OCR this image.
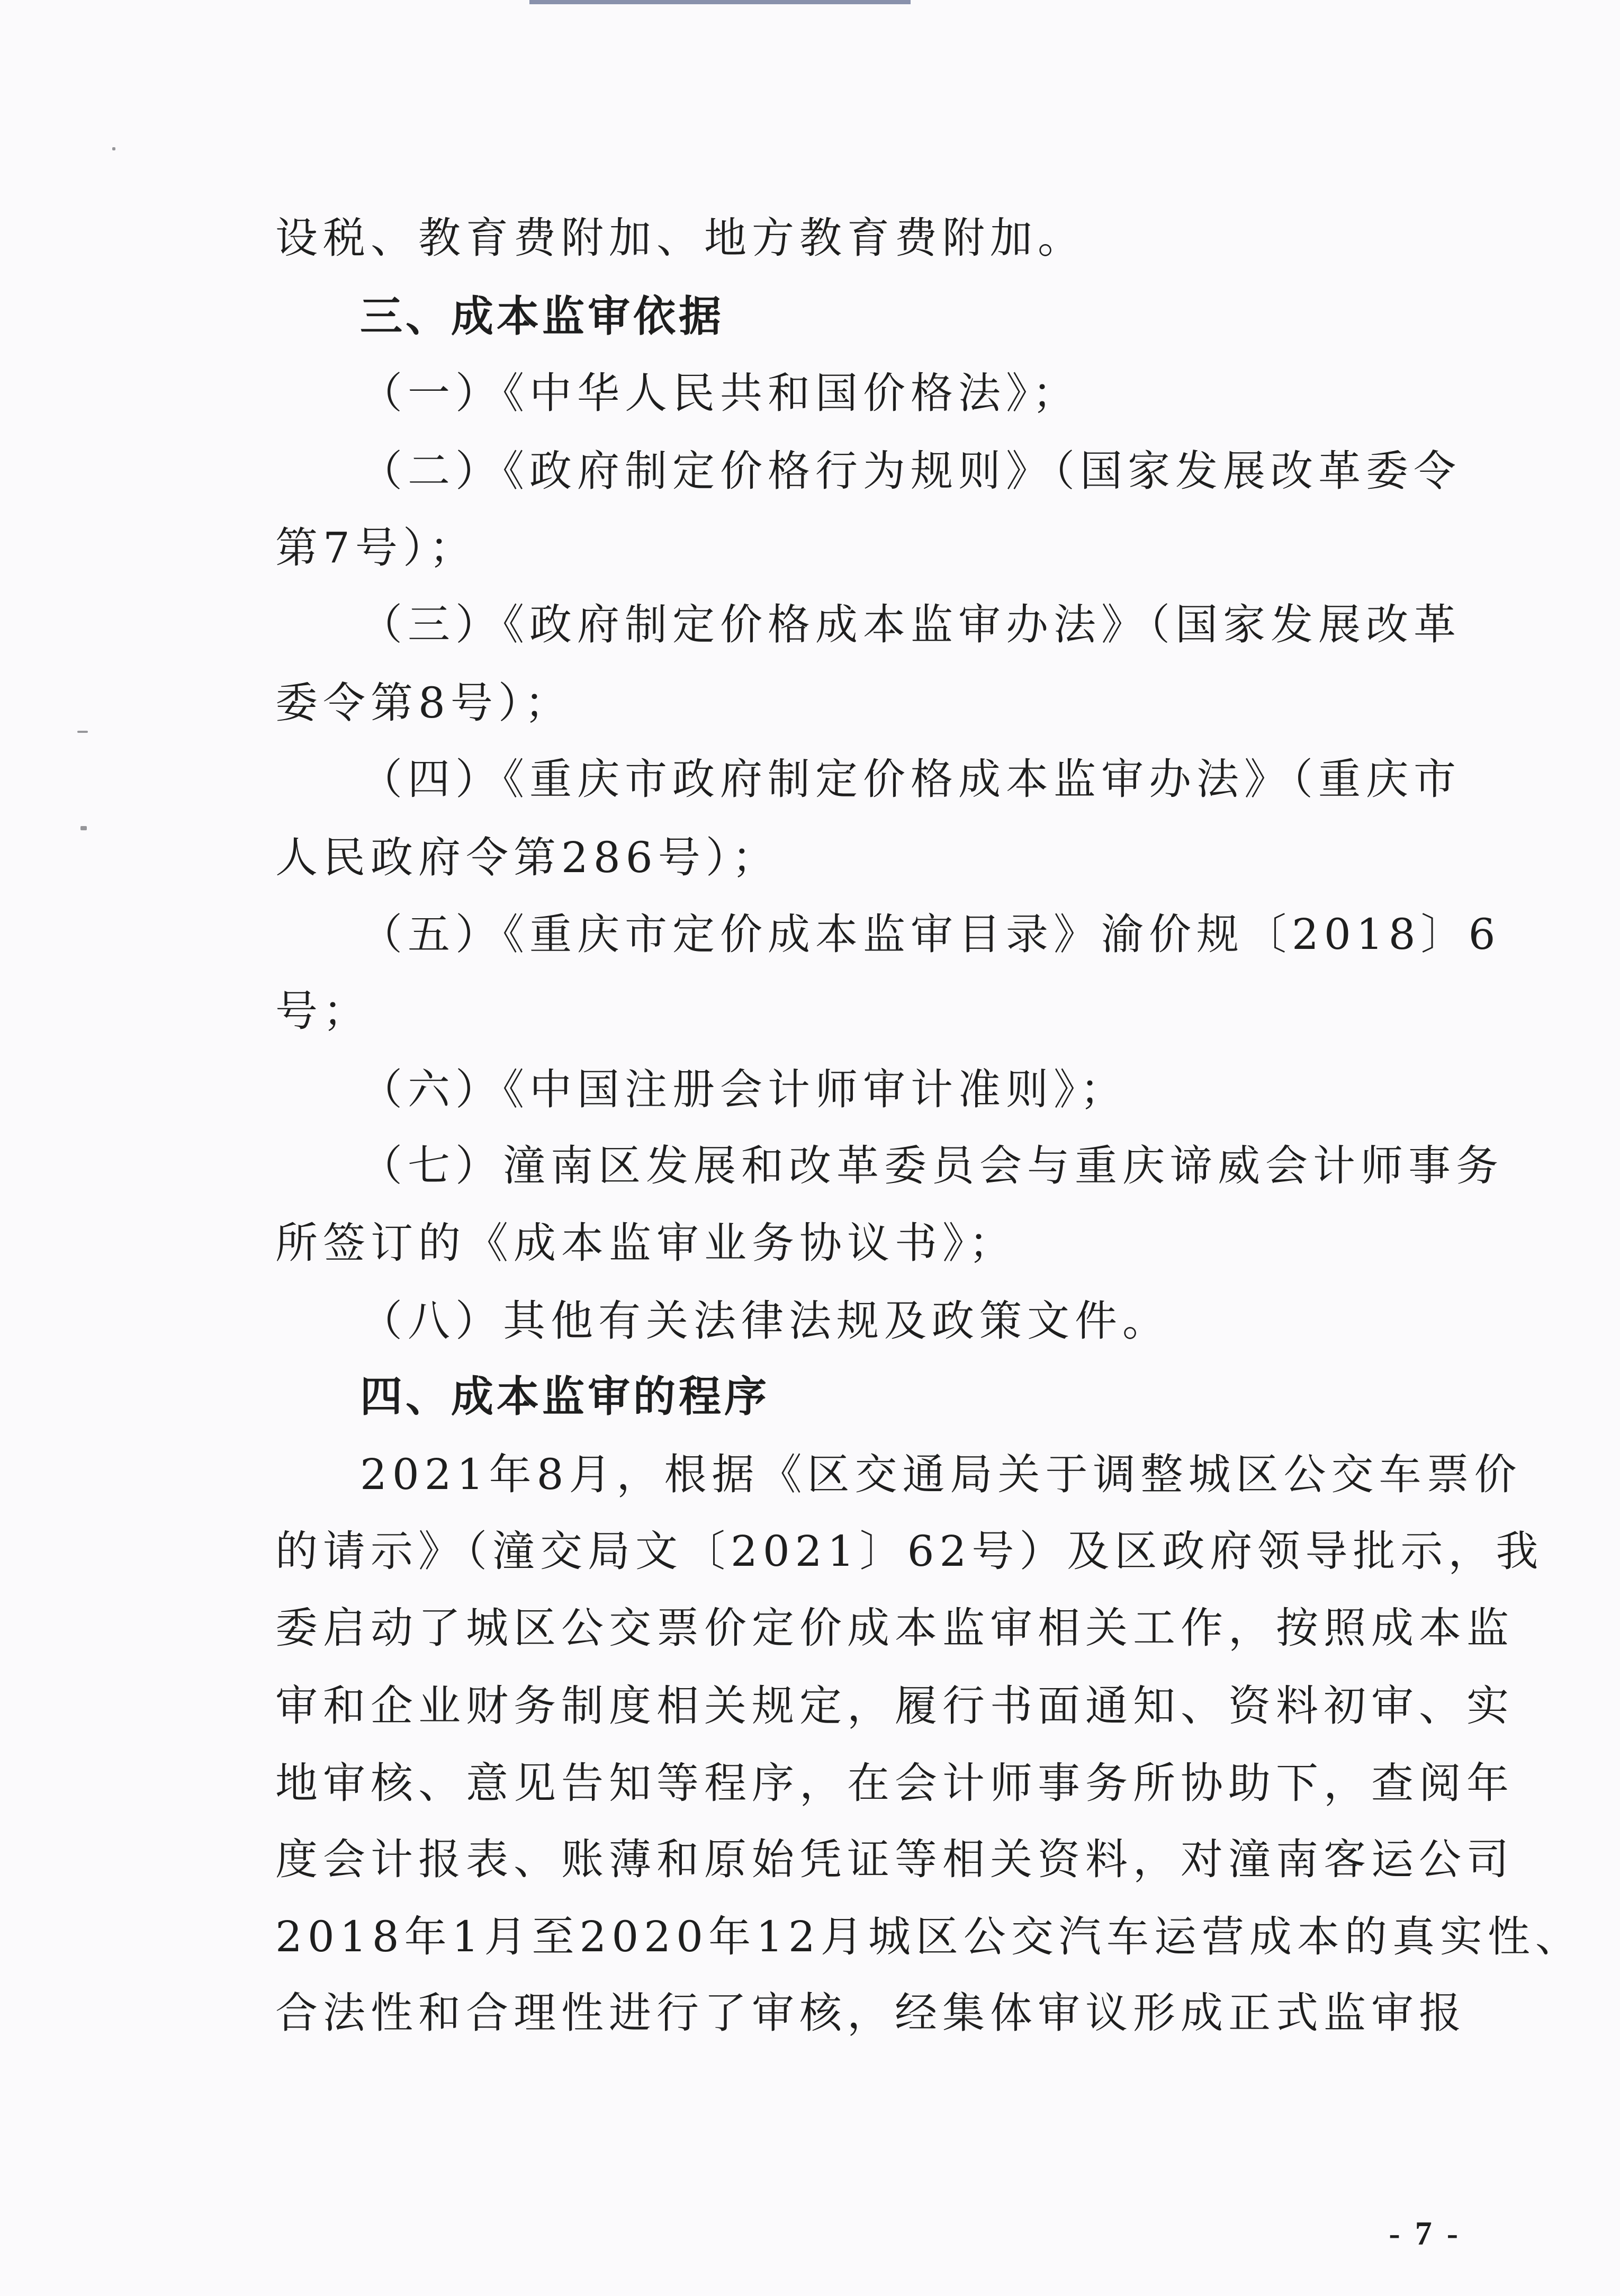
设税、教育费附加、地方教育费附加。
三、成本监审依据
（一）《中华人民共和国价格法》；
（二）《政府制定价格行为规则》（国家发展改革委令
第7号）；
（三）《政府制定价格成本监审办法》（国家发展改革
委令第8号）；
（四）《重庆市政府制定价格成本监审办法》（重庆市
人民政府令第286号）；
（五）《重庆市定价成本监审目录》渝价规〔2018〕6
号；
（六）《中国注册会计师审计准则》；
（七）潼南区发展和改革委员会与重庆谛威会计师事务
所签订的《成本监审业务协议书》；
（八）其他有关法律法规及政策文件。
四、成本监审的程序
2021年8月，根据《区交通局关于调整城区公交车票价
的请示》（潼交局文〔2021〕62号）及区政府领导批示，我
委启动了城区公交票价定价成本监审相关工作，按照成本监
审和企业财务制度相关规定，履行书面通知、资料初审、实
地审核、意见告知等程序，在会计师事务所协助下，查阅年
度会计报表、账薄和原始凭证等相关资料，对潼南客运公司
2018年1月至2020年12月城区公交汽车运营成本的真实性、
合法性和合理性进行了审核，经集体审议形成正式监审报
- 7 -
